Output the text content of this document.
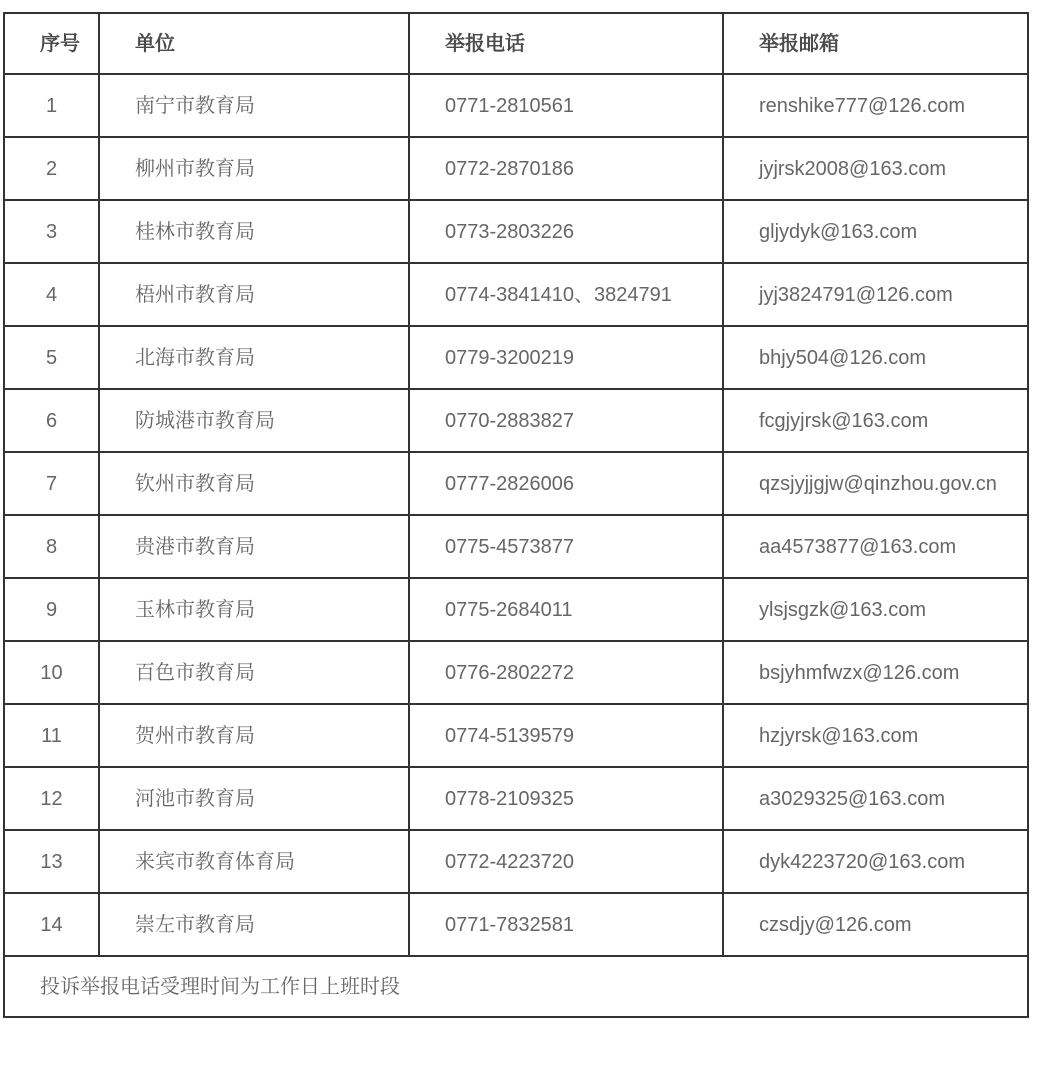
序号	单位	举报电话	举报邮箱
1	南宁市教育局	0771-2810561	renshike777@126.com
2	柳州市教育局	0772-2870186	jyjrsk2008@163.com
3	桂林市教育局	0773-2803226	gljydyk@163.com
4	梧州市教育局	0774-3841410、3824791	jyj3824791@126.com
5	北海市教育局	0779-3200219	bhjy504@126.com
6	防城港市教育局	0770-2883827	fcgjyjrsk@163.com
7	钦州市教育局	0777-2826006	qzsjyjjgjw@qinzhou.gov.cn
8	贵港市教育局	0775-4573877	aa4573877@163.com
9	玉林市教育局	0775-2684011	ylsjsgzk@163.com
10	百色市教育局	0776-2802272	bsjyhmfwzx@126.com
11	贺州市教育局	0774-5139579	hzjyrsk@163.com
12	河池市教育局	0778-2109325	a3029325@163.com
13	来宾市教育体育局	0772-4223720	dyk4223720@163.com
14	崇左市教育局	0771-7832581	czsdjy@126.com
投诉举报电话受理时间为工作日上班时段			
